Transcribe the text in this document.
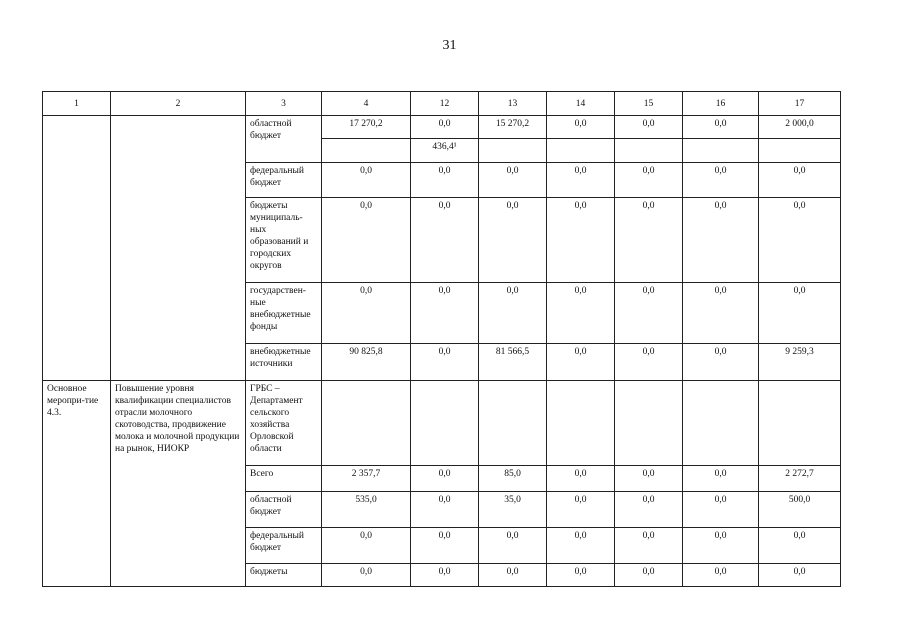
31
1	2	3	4	12	13	14	15	16	17
		областной бюджет	17 270,2	0,0	15 270,2	0,0	0,0	0,0	2 000,0
				436,4¹					
		федеральный бюджет	0,0	0,0	0,0	0,0	0,0	0,0	0,0
		бюджеты муниципаль-ных образований и городских округов	0,0	0,0	0,0	0,0	0,0	0,0	0,0
		государствен-ные внебюджетные фонды	0,0	0,0	0,0	0,0	0,0	0,0	0,0
		внебюджетные источники	90 825,8	0,0	81 566,5	0,0	0,0	0,0	9 259,3
Основное меропри-тие 4.3.	Повышение уровня квалификации специалистов отрасли молочного скотоводства, продвижение молока и молочной продукции на рынок, НИОКР	ГРБС – Департамент сельского хозяйства Орловской области							
		Всего	2 357,7	0,0	85,0	0,0	0,0	0,0	2 272,7
		областной бюджет	535,0	0,0	35,0	0,0	0,0	0,0	500,0
		федеральный бюджет	0,0	0,0	0,0	0,0	0,0	0,0	0,0
		бюджеты	0,0	0,0	0,0	0,0	0,0	0,0	0,0
